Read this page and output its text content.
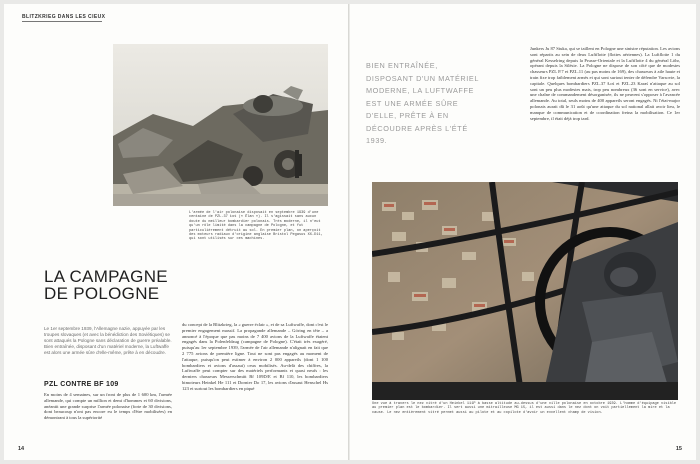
BLITZKRIEG DANS LES CIEUX
L'armée de l'air polonaise disposait en septembre 1939 d'une centaine de PZL.37 Łoś (« Élan »). Il s'agissait sans aucun doute du meilleur bombardier polonais. Très moderne, il n'eut qu'un rôle limité dans la campagne de Pologne, et fut particulièrement détruit au sol. En premier plan, on aperçoit des moteurs radiaux d'origine anglaise Bristol Pegasus XX-D11, qui sont utilisés sur ces machines.
LA CAMPAGNE
DE POLOGNE
Le 1er septembre 1939, l'Allemagne nazie, appuyée par les troupes slovaques (et avec la bénédiction des Soviétiques) se sont attaqués la Pologne sans déclaration de guerre préalable. Bien entraînée, disposant d'un matériel moderne, la Luftwaffe est alors une armée sûre d'elle-même, prête à en découdre.
PZL CONTRE BF 109
En moins de 4 semaines, sur un front de plus de 1 600 km, l'armée allemande, qui compte un million et demi d'hommes et 60 divisions, anéantit une grande surprise l'armée polonaise (forte de 30 divisions, dont beaucoup n'ont pas encore eu le temps d'être mobilisées) en démontrant à tous la supériorité
du concept de la Blitzkrieg, la « guerre éclair », et de sa Luftwaffe, dont c'est le premier engagement massif. La propagande allemande – Göring en tête – a annoncé à l'époque que pas moins de 7 400 avions de la Luftwaffe étaient engagés dans la Polenfeldzug (campagne de Pologne). C'était très exagéré, puisqu'au 1er septembre 1939, l'armée de l'air allemande n'alignait en fait que 2 775 avions de première ligne. Tout ne sont pas engagés au moment de l'attaque, puisqu'on peut estimer à environ 2 000 appareils (dont 1 100 bombardiers et avions d'assaut) ceux mobilisés. Au-delà des chiffres, la Luftwaffe peut compter sur des matériels performants et quasi neufs : les derniers chasseurs Messerschmitt Bf 109D/E et Bf 110, les bombardiers bimoteurs Heinkel He 111 et Dornier Do 17, les avions d'assaut Henschel Hs 123 et surtout les bombardiers en piqué
14
BIEN ENTRAÎNÉE, DISPOSANT D'UN MATÉRIEL MODERNE, LA LUFTWAFFE EST UNE ARMÉE SÛRE D'ELLE, PRÊTE À EN DÉCOUDRE APRÈS L'ÉTÉ 1939.
Junkers Ju 87 Stuka, qui se taillent en Pologne une sinistre réputation. Les avions sont répartis au sein de deux Luftflotte (flottes aériennes). La Luftflotte 1 du général Kesselring depuis la Prusse-Orientale et la Luftflotte 4 du général Löhr, opérant depuis la Silésie. La Pologne ne dispose de son côté que de modestes chasseurs PZL P.7 et PZL.11 (au pas moins de 169), des chasseurs à aile haute et train fixe trop faiblement armés et qui sont surtout tenter de défendre Varsovie, la capitale. Quelques bombardiers PZL.37 Łoś et PZL.23 Karaś n'attaque au sol sont un peu plus modestes mais, trop peu nombreux (36 sont en service), avec une chaîne de commandement désorganisée, ils ne peuvent s'opposer à l'avancée allemande. Au total, seuls moins de 400 appareils seront engagés. Ni l'état-major polonais aurait dû le 31 août qu'une attaque du sol national allait avoir lieu, le manque de communication et de coordination freina la mobilisation. Ce 1er septembre, il était déjà trop tard.
Une vue à travers le nez vitré d'un Heinkel 111P à basse altitude au-dessus d'une ville polonaise en octobre 1939. L'homme d'équipage visible au premier plan est le bombardier. Il sert aussi une mitrailleuse MG 15, il est aussi dans le nez dont on voit partiellement la mire et la cause. Le nez entièrement vitré permet aussi au pilote et au copilote d'avoir un excellent champ de vision.
15
